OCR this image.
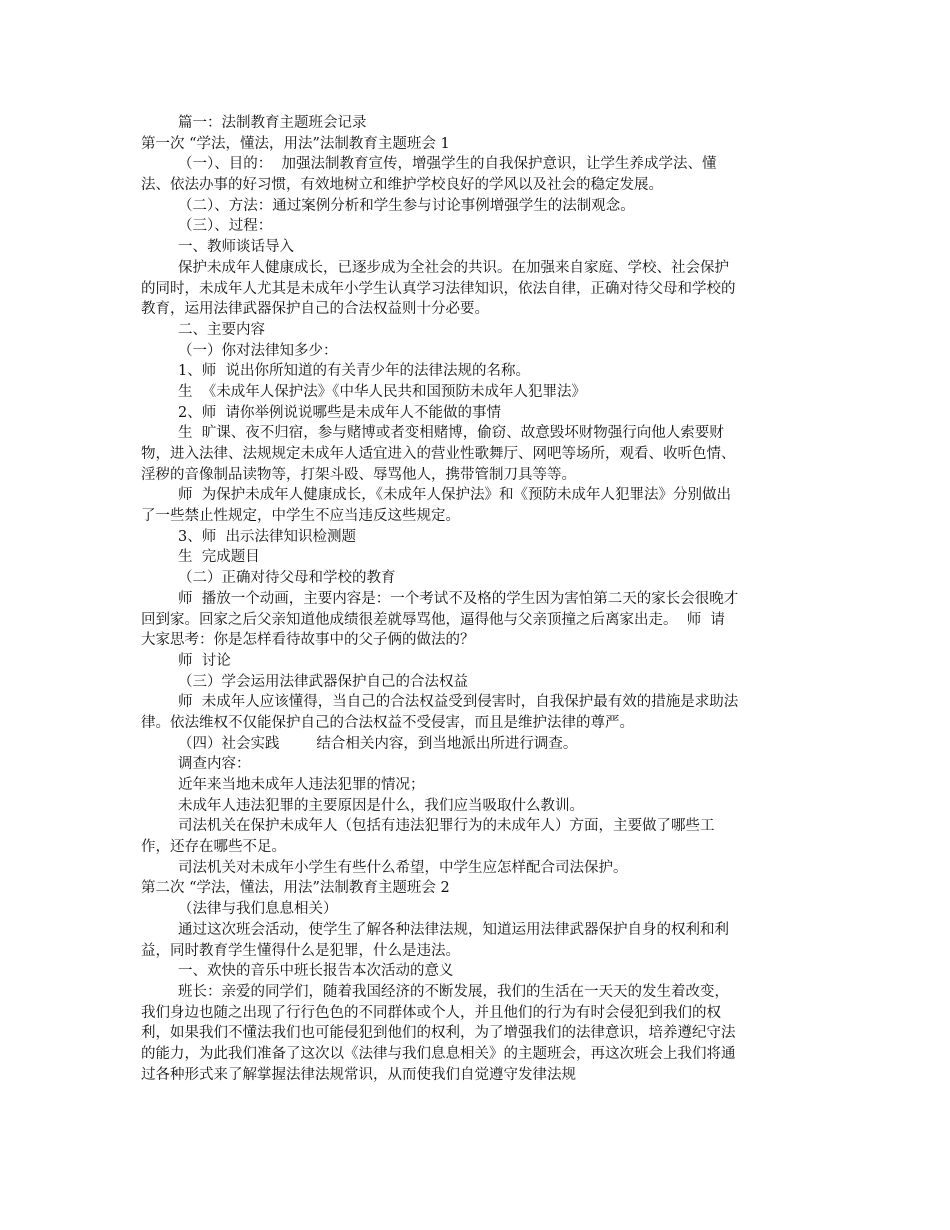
篇一：法制教育主题班会记录
第一次 “学法，懂法，用法”法制教育主题班会 1
（一）、目的：  加强法制教育宣传，增强学生的自我保护意识，让学生养成学法、懂
法、依法办事的好习惯，有效地树立和维护学校良好的学风以及社会的稳定发展。
（二）、方法：通过案例分析和学生参与讨论事例增强学生的法制观念。
（三）、过程：
一、教师谈话导入
保护未成年人健康成长，已逐步成为全社会的共识。在加强来自家庭、学校、社会保护
的同时，未成年人尤其是未成年小学生认真学习法律知识，依法自律，正确对待父母和学校的
教育，运用法律武器保护自己的合法权益则十分必要。
二、主要内容
（一）你对法律知多少：
1、师  说出你所知道的有关青少年的法律法规的名称。
生  《未成年人保护法》《中华人民共和国预防未成年人犯罪法》
2、师  请你举例说说哪些是未成年人不能做的事情
生  旷课、夜不归宿，参与赌博或者变相赌博，偷窃、故意毁坏财物强行向他人索要财
物，进入法律、法规规定未成年人适宜进入的营业性歌舞厅、网吧等场所，观看、收听色情、
淫秽的音像制品读物等，打架斗殴、辱骂他人，携带管制刀具等等。
师  为保护未成年人健康成长，《未成年人保护法》和《预防未成年人犯罪法》分别做出
了一些禁止性规定，中学生不应当违反这些规定。
3、师  出示法律知识检测题
生  完成题目
（二）正确对待父母和学校的教育
师  播放一个动画，主要内容是：一个考试不及格的学生因为害怕第二天的家长会很晚才
回到家。回家之后父亲知道他成绩很差就辱骂他，逼得他与父亲顶撞之后离家出走。  师  请
大家思考：你是怎样看待故事中的父子俩的做法的？
师  讨论
（三）学会运用法律武器保护自己的合法权益
师  未成年人应该懂得，当自己的合法权益受到侵害时，自我保护最有效的措施是求助法
律。依法维权不仅能保护自己的合法权益不受侵害，而且是维护法律的尊严。
（四）社会实践        结合相关内容，到当地派出所进行调查。
调查内容：
近年来当地未成年人违法犯罪的情况；
未成年人违法犯罪的主要原因是什么，我们应当吸取什么教训。
司法机关在保护未成年人（包括有违法犯罪行为的未成年人）方面，主要做了哪些工
作，还存在哪些不足。
司法机关对未成年小学生有些什么希望，中学生应怎样配合司法保护。
第二次 “学法，懂法，用法”法制教育主题班会 2
（法律与我们息息相关）
通过这次班会活动，使学生了解各种法律法规，知道运用法律武器保护自身的权利和利
益，同时教育学生懂得什么是犯罪，什么是违法。
一、欢快的音乐中班长报告本次活动的意义
班长：亲爱的同学们，随着我国经济的不断发展，我们的生活在一天天的发生着改变，
我们身边也随之出现了行行色色的不同群体或个人，并且他们的行为有时会侵犯到我们的权
利，如果我们不懂法我们也可能侵犯到他们的权利，为了增强我们的法律意识，培养遵纪守法
的能力，为此我们准备了这次以《法律与我们息息相关》的主题班会，再这次班会上我们将通
过各种形式来了解掌握法律法规常识，从而使我们自觉遵守发律法规
